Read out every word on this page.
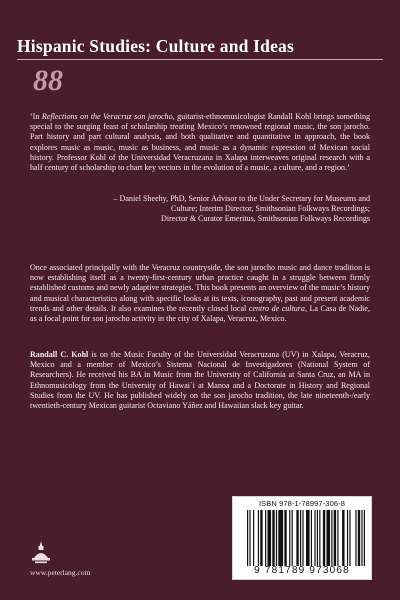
Hispanic Studies: Culture and Ideas
88

‘In Reflections on the Veracruz son jarocho, guitarist-ethnomusicologist Randall Kohl brings something special to the surging feast of scholarship treating Mexico’s renowned regional music, the son jarocho. Part history and part cultural analysis, and both qualitative and quantitative in approach, the book explores music as music, music as business, and music as a dynamic expression of Mexican social history. Professor Kohl of the Universidad Veracruzana in Xalapa interweaves original research with a half century of scholarship to chart key vectors in the evolution of a music, a culture, and a region.’

– Daniel Sheehy, PhD, Senior Advisor to the Under Secretary for Museums and
Culture; Interim Director, Smithsonian Folkways Recordings;
Director & Curator Emeritus, Smithsonian Folkways Recordings

Once associated principally with the Veracruz countryside, the son jarocho music and dance tradition is now establishing itself as a twenty-first-century urban practice caught in a struggle between firmly established customs and newly adaptive strategies. This book presents an overview of the music’s history and musical characteristics along with specific looks at its texts, iconography, past and present academic trends and other details. It also examines the recently closed local centro de cultura, La Casa de Nadie, as a focal point for son jarocho activity in the city of Xalapa, Veracruz, Mexico.

Randall C. Kohl is on the Music Faculty of the Universidad Veracruzana (UV) in Xalapa, Veracruz, Mexico and a member of Mexico’s Sistema Nacional de Investigadores (National System of Researchers). He received his BA in Music from the University of California at Santa Cruz, an MA in Ethnomusicology from the University of Hawai`i at Manoa and a Doctorate in History and Regional Studies from the UV. He has published widely on the son jarocho tradition, the late nineteenth-/early twentieth-century Mexican guitarist Octaviano Yáñez and Hawaiian slack key guitar.

www.peterlang.com
ISBN 978-1-78997-306-8
9 781789 973068
